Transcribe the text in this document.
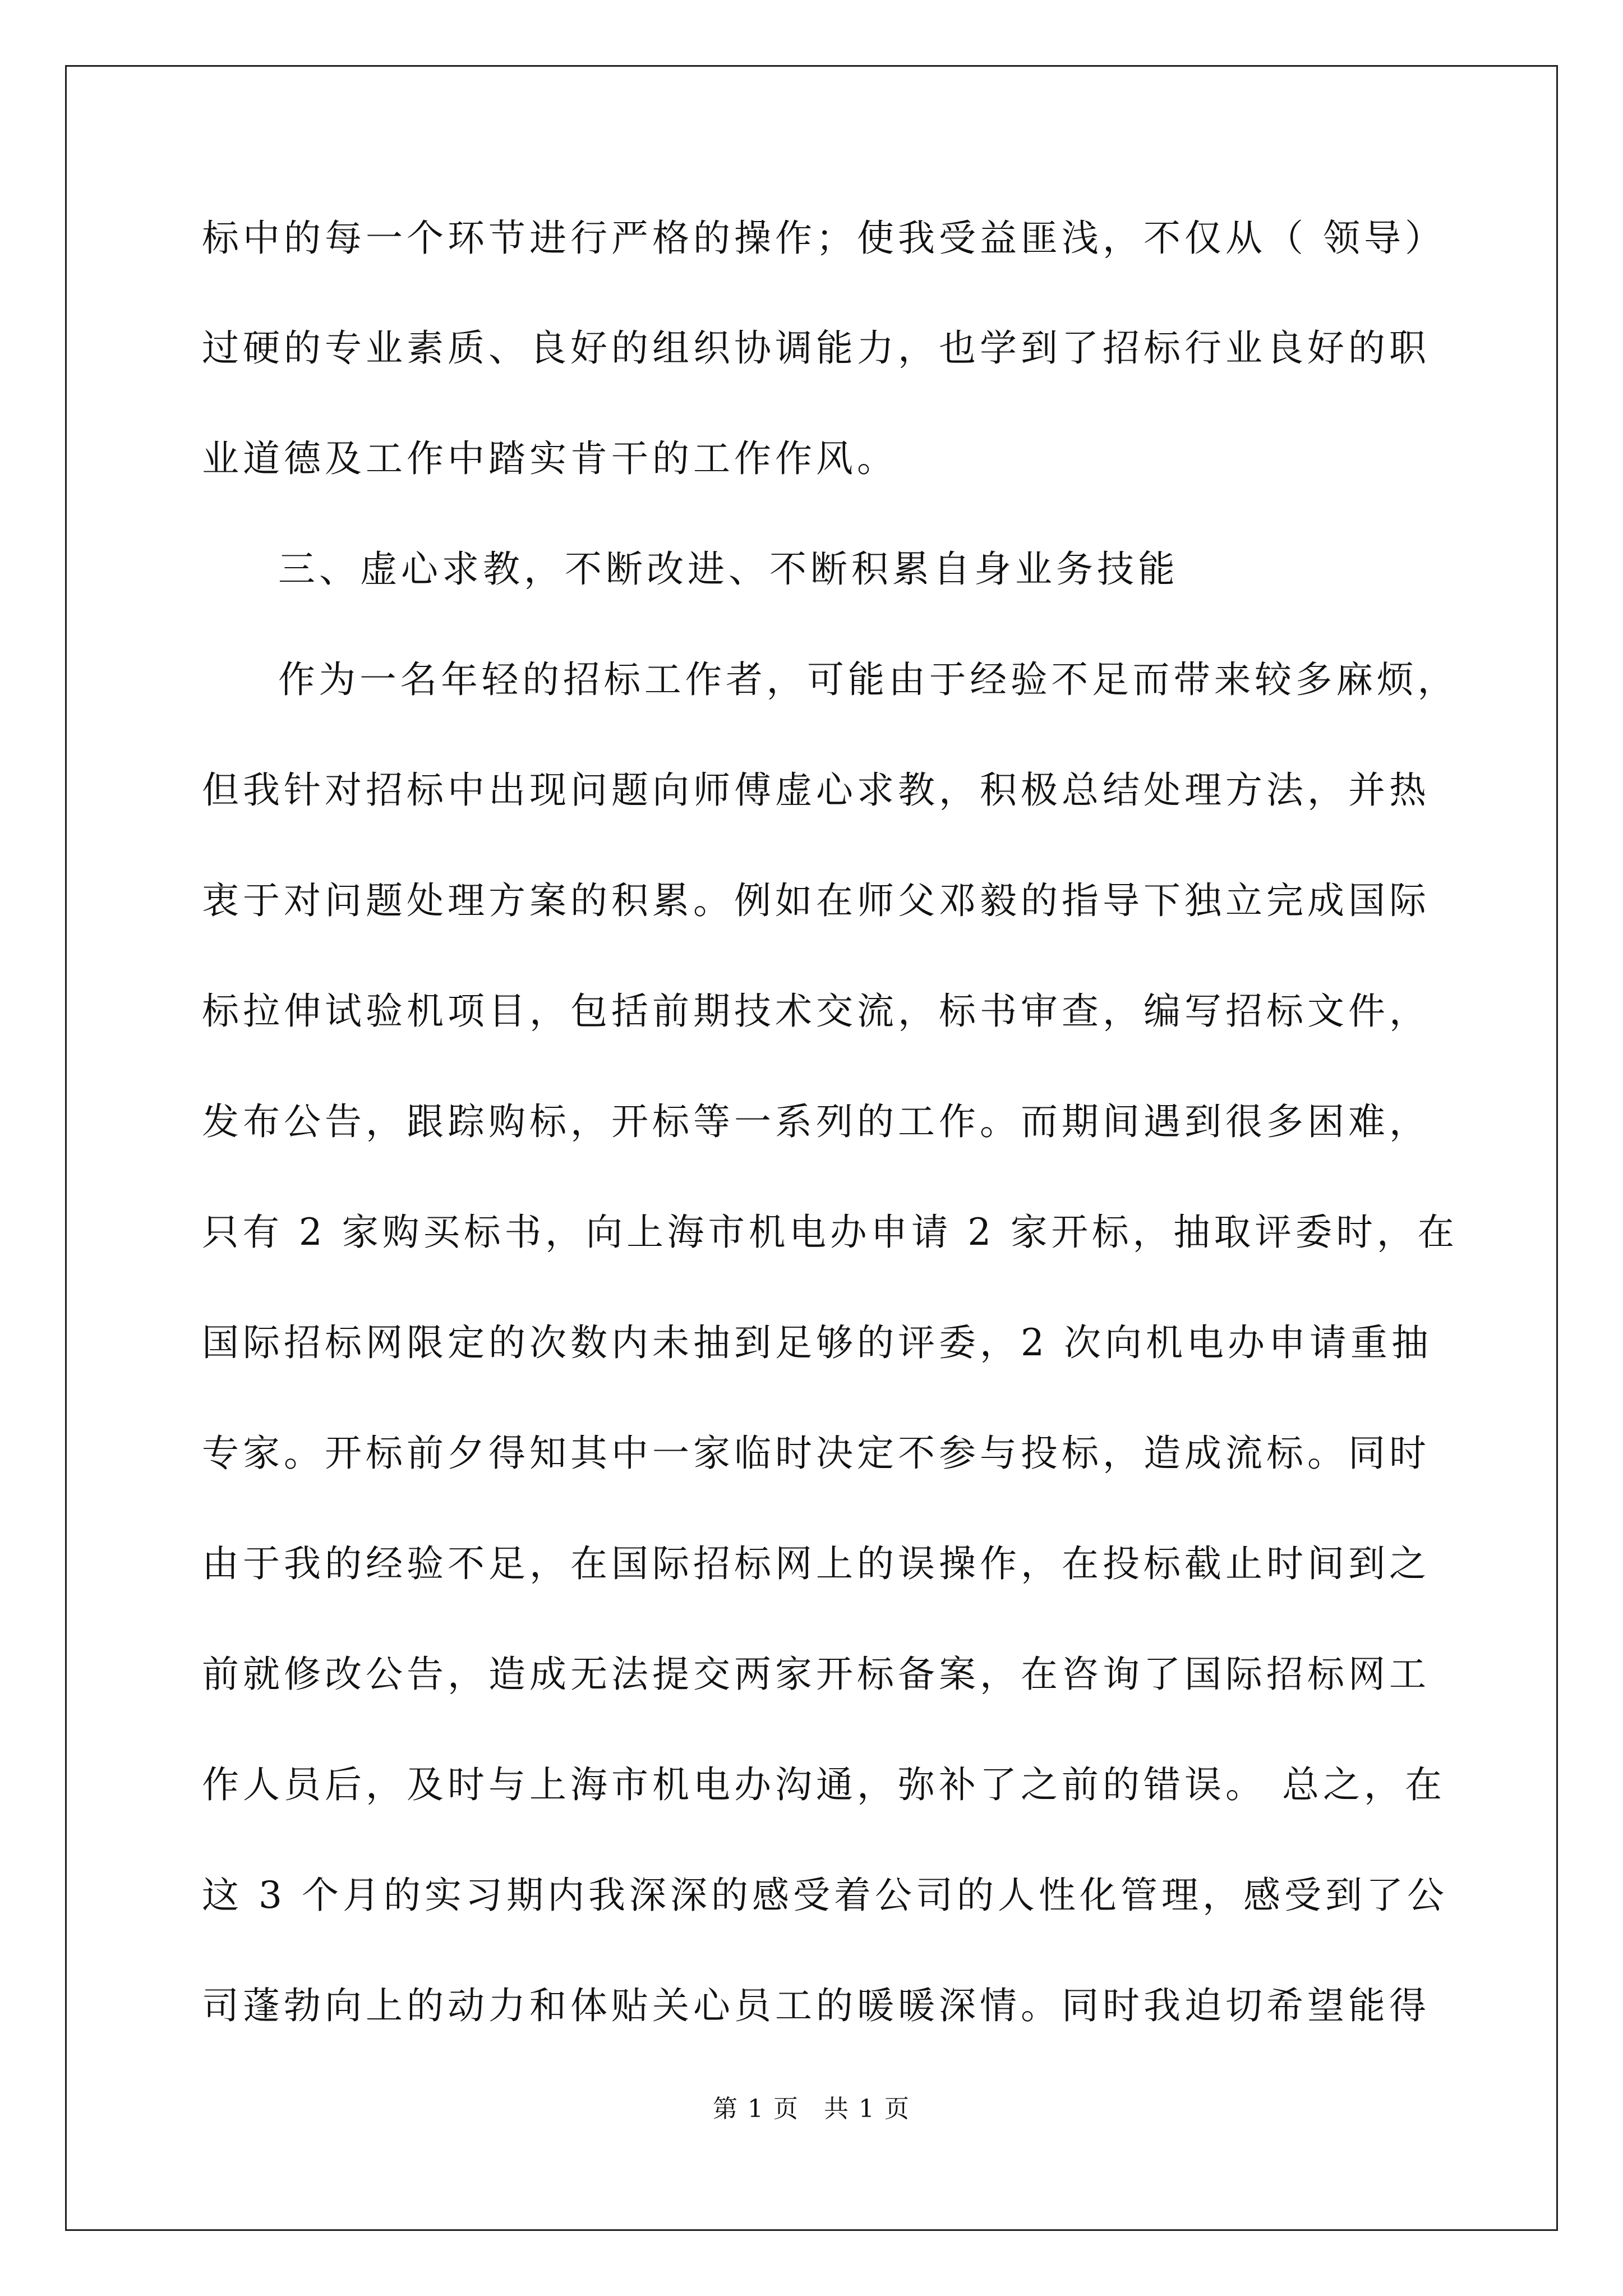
标中的每一个环节进行严格的操作；使我受益匪浅，不仅从（ 领导）
过硬的专业素质、良好的组织协调能力，也学到了招标行业良好的职
业道德及工作中踏实肯干的工作作风。
三、虚心求教，不断改进、不断积累自身业务技能
作为一名年轻的招标工作者，可能由于经验不足而带来较多麻烦，
但我针对招标中出现问题向师傅虚心求教，积极总结处理方法，并热
衷于对问题处理方案的积累。例如在师父邓毅的指导下独立完成国际
标拉伸试验机项目，包括前期技术交流，标书审查，编写招标文件，
发布公告，跟踪购标，开标等一系列的工作。而期间遇到很多困难，
只有 2 家购买标书，向上海市机电办申请 2 家开标，抽取评委时，在
国际招标网限定的次数内未抽到足够的评委，2 次向机电办申请重抽
专家。开标前夕得知其中一家临时决定不参与投标，造成流标。同时
由于我的经验不足，在国际招标网上的误操作，在投标截止时间到之
前就修改公告，造成无法提交两家开标备案，在咨询了国际招标网工
作人员后，及时与上海市机电办沟通，弥补了之前的错误。 总之，在
这 3 个月的实习期内我深深的感受着公司的人性化管理，感受到了公
司蓬勃向上的动力和体贴关心员工的暖暖深情。同时我迫切希望能得
第 1 页 共 1 页
